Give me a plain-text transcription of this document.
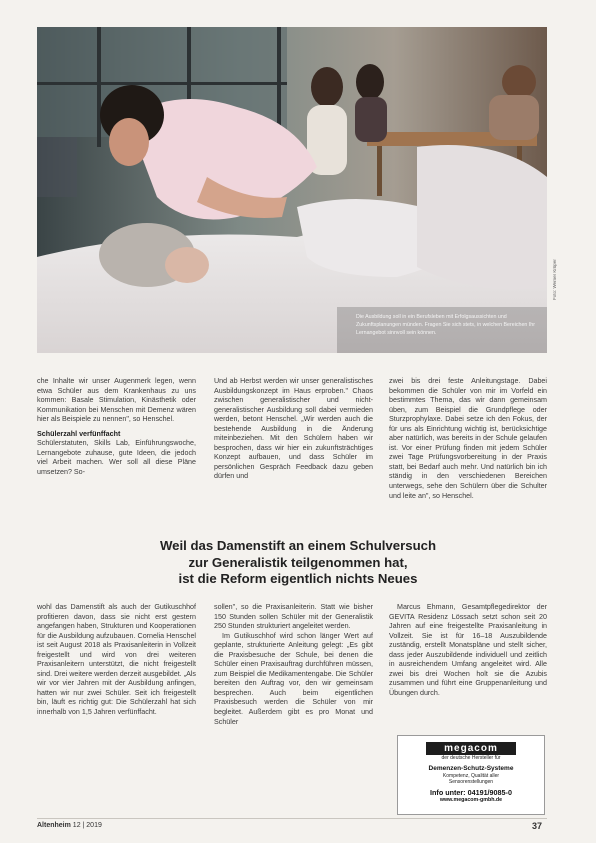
Die Ausbildung soll in ein Berufsleben mit Erfolgsaussichten und Zukunftsplanungen münden. Fragen Sie sich stets, in welchen Bereichen Ihr Lernangebot sinnvoll sein können.
Foto: Werner Krüper

che Inhalte wir unser Augenmerk legen, wenn etwa Schüler aus dem Krankenhaus zu uns kommen: Basale Stimulation, Kinästhetik oder Kommunikation bei Menschen mit Demenz wären hier als Beispiele zu nennen", so Henschel.

Schülerzahl verfünffacht

Schülerstatuten, Skills Lab, Einführungswoche, Lernangebote zuhause, gute Ideen, die jedoch viel Arbeit machen. Wer soll all diese Pläne umsetzen? So-

Und ab Herbst werden wir unser generalistisches Ausbildungskonzept im Haus erproben." Chaos zwischen generalistischer und nicht-generalistischer Ausbildung soll dabei vermieden werden, betont Henschel. „Wir werden auch die bestehende Ausbildung in die Änderung miteinbeziehen. Mit den Schülern haben wir besprochen, dass wir hier ein zukunftsträchtiges Konzept aufbauen, und dass Schüler im persönlichen Gespräch Feedback dazu geben dürfen und

Weil das Damenstift an einem Schulversuch
zur Generalistik teilgenommen hat,
ist die Reform eigentlich nichts Neues

wohl das Damenstift als auch der Gutikuschhof profitieren davon, dass sie nicht erst gestern angefangen haben, Strukturen und Kooperationen für die Ausbildung aufzubauen. Cornelia Henschel ist seit August 2018 als Praxisanleiterin in Vollzeit freigestellt und wird von drei weiteren Praxisanleitern unterstützt, die nicht freigestellt sind. Drei weitere werden derzeit ausgebildet. „Als wir vor vier Jahren mit der Ausbildung anfingen, hatten wir nur zwei Schüler. Seit ich freigestellt bin, läuft es richtig gut: Die Schülerzahl hat sich innerhalb von 1,5 Jahren verfünffacht.

sollen", so die Praxisanleiterin. Statt wie bisher 150 Stunden sollen Schüler mit der Generalistik 250 Stunden strukturiert angeleitet werden.

Im Gutikuschhof wird schon länger Wert auf geplante, strukturierte Anleitung gelegt: „Es gibt die Praxisbesuche der Schule, bei denen die Schüler einen Praxisauftrag durchführen müssen, zum Beispiel die Medikamentengabe. Die Schüler bereiten den Auftrag vor, den wir gemeinsam besprechen. Auch beim eigentlichen Praxisbesuch werden die Schüler von mir begleitet. Außerdem gibt es pro Monat und Schüler

zwei bis drei feste Anleitungstage. Dabei bekommen die Schüler von mir im Vorfeld ein bestimmtes Thema, das wir dann gemeinsam üben, zum Beispiel die Grundpflege oder Sturzprophylaxe. Dabei setze ich den Fokus, der für uns als Einrichtung wichtig ist, berücksichtige aber natürlich, was bereits in der Schule gelaufen ist. Vor einer Prüfung finden mit jedem Schüler zwei Tage Prüfungsvorbereitung in der Praxis statt, bei Bedarf auch mehr. Und natürlich bin ich ständig in den verschiedenen Bereichen unterwegs, sehe den Schülern über die Schulter und leite an", so Henschel.

Marcus Ehmann, Gesamtpflegedirektor der GEVITA Residenz Lössach setzt schon seit 20 Jahren auf eine freigestellte Praxisanleitung in Vollzeit. Sie ist für 16–18 Auszubildende zuständig, erstellt Monatspläne und stellt sicher, dass jeder Auszubildende individuell und zeitlich in ausreichendem Umfang angeleitet wird. Alle zwei bis drei Wochen holt sie die Azubis zusammen und führt eine Gruppenanleitung und Übungen durch.

megacom
der deutsche Hersteller für
Demenzen-Schutz-Systeme
Kompetenz, Qualität aller
Sensorenstellungen
Info unter: 04191/9085-0
www.megacom-gmbh.de
Altenheim 12 | 2019	37
